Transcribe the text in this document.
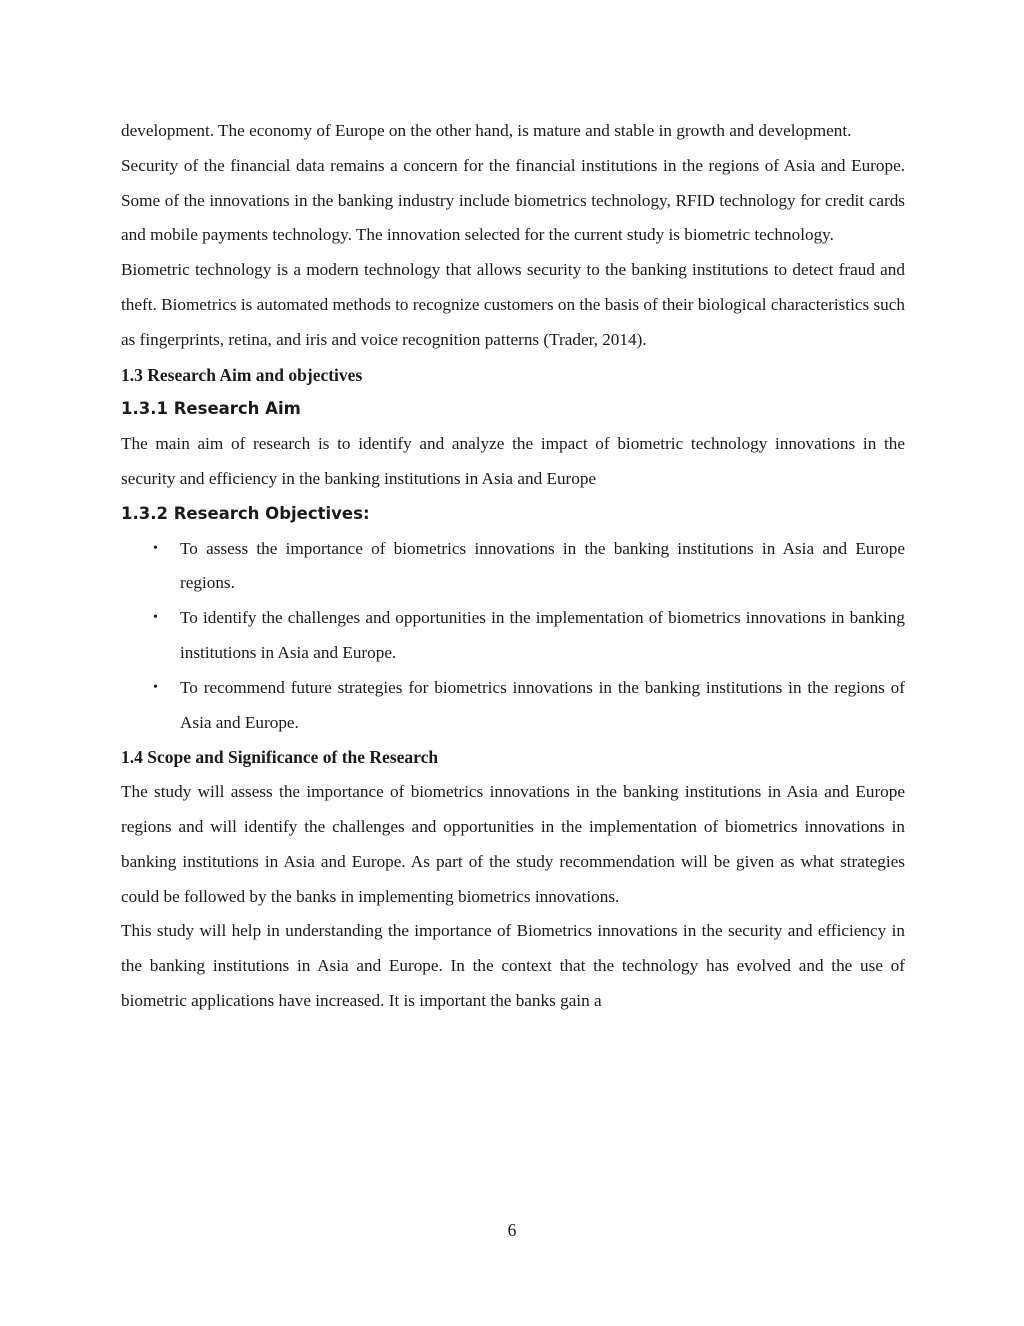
development. The economy of Europe on the other hand, is mature and stable in growth and development.

Security of the financial data remains a concern for the financial institutions in the regions of Asia and Europe. Some of the innovations in the banking industry include biometrics technology, RFID technology for credit cards and mobile payments technology. The innovation selected for the current study is biometric technology.

Biometric technology is a modern technology that allows security to the banking institutions to detect fraud and theft. Biometrics is automated methods to recognize customers on the basis of their biological characteristics such as fingerprints, retina, and iris and voice recognition patterns (Trader, 2014).

1.3 Research Aim and objectives
1.3.1 Research Aim

The main aim of research is to identify and analyze the impact of biometric technology innovations in the security and efficiency in the banking institutions in Asia and Europe

1.3.2 Research Objectives:
• To assess the importance of biometrics innovations in the banking institutions in Asia and Europe regions.

• To identify the challenges and opportunities in the implementation of biometrics innovations in banking institutions in Asia and Europe.

• To recommend future strategies for biometrics innovations in the banking institutions in the regions of Asia and Europe.

1.4 Scope and Significance of the Research

The study will assess the importance of biometrics innovations in the banking institutions in Asia and Europe regions and will identify the challenges and opportunities in the implementation of biometrics innovations in banking institutions in Asia and Europe. As part of the study recommendation will be given as what strategies could be followed by the banks in implementing biometrics innovations.

This study will help in understanding the importance of Biometrics innovations in the security and efficiency in the banking institutions in Asia and Europe. In the context that the technology has evolved and the use of biometric applications have increased. It is important the banks gain a

6
